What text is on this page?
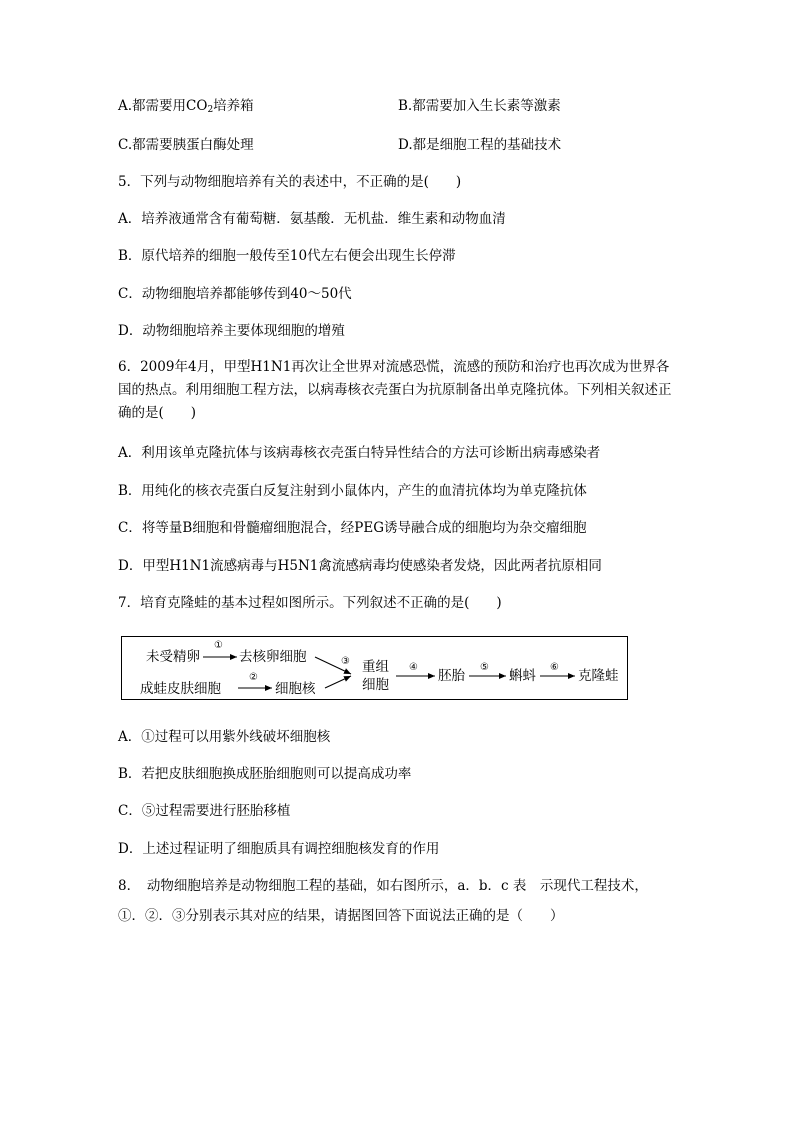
A.都需要用$CO_2$培养箱	B.都需要加入生长素等激素
C.都需要胰蛋白酶处理	D.都是细胞工程的基础技术
5．下列与动物细胞培养有关的表述中，不正确的是(　　)
A．培养液通常含有葡萄糖．氨基酸．无机盐．维生素和动物血清
B．原代培养的细胞一般传至10代左右便会出现生长停滞
C．动物细胞培养都能够传到40～50代
D．动物细胞培养主要体现细胞的增殖
6．2009年4月，甲型H1N1再次让全世界对流感恐慌，流感的预防和治疗也再次成为世界各国的热点。利用细胞工程方法，以病毒核衣壳蛋白为抗原制备出单克隆抗体。下列相关叙述正确的是(　　)
A．利用该单克隆抗体与该病毒核衣壳蛋白特异性结合的方法可诊断出病毒感染者
B．用纯化的核衣壳蛋白反复注射到小鼠体内，产生的血清抗体均为单克隆抗体
C．将等量B细胞和骨髓瘤细胞混合，经PEG诱导融合成的细胞均为杂交瘤细胞
D．甲型H1N1流感病毒与H5N1禽流感病毒均使感染者发烧，因此两者抗原相同
7．培育克隆蛙的基本过程如图所示。下列叙述不正确的是(　　)
未受精卵
①
去核卵细胞
成蛙皮肤细胞
②
细胞核
③ 重组
细胞
④
胚胎
⑤
蝌蚪
⑥
克隆蛙
A．①过程可以用紫外线破坏细胞核
B．若把皮肤细胞换成胚胎细胞则可以提高成功率
C．⑤过程需要进行胚胎移植
D．上述过程证明了细胞质具有调控细胞核发育的作用
8．　动物细胞培养是动物细胞工程的基础，如右图所示，a．b．c 表　示现代工程技术，
①．②．③分别表示其对应的结果，请据图回答下面说法正确的是（　　）
